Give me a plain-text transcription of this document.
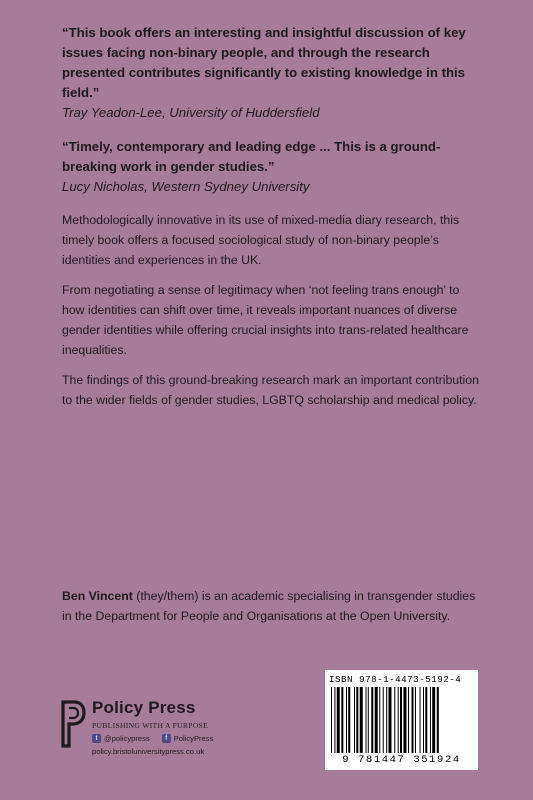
“This book offers an interesting and insightful discussion of key issues facing non-binary people, and through the research presented contributes significantly to existing knowledge in this field.”

Tray Yeadon-Lee, University of Huddersfield

“Timely, contemporary and leading edge ... This is a ground-breaking work in gender studies.”

Lucy Nicholas, Western Sydney University

Methodologically innovative in its use of mixed-media diary research, this timely book offers a focused sociological study of non-binary people’s identities and experiences in the UK.

From negotiating a sense of legitimacy when ‘not feeling trans enough’ to how identities can shift over time, it reveals important nuances of diverse gender identities while offering crucial insights into trans-related healthcare inequalities.

The findings of this ground-breaking research mark an important contribution to the wider fields of gender studies, LGBTQ scholarship and medical policy.

Ben Vincent (they/them) is an academic specialising in transgender studies in the Department for People and Organisations at the Open University.

Policy Press
PUBLISHING WITH A PURPOSE
t @policypress f PolicyPress
policy.bristoluniversitypress.co.uk
ISBN 978-1-4473-5192-4
9 781447 351924
